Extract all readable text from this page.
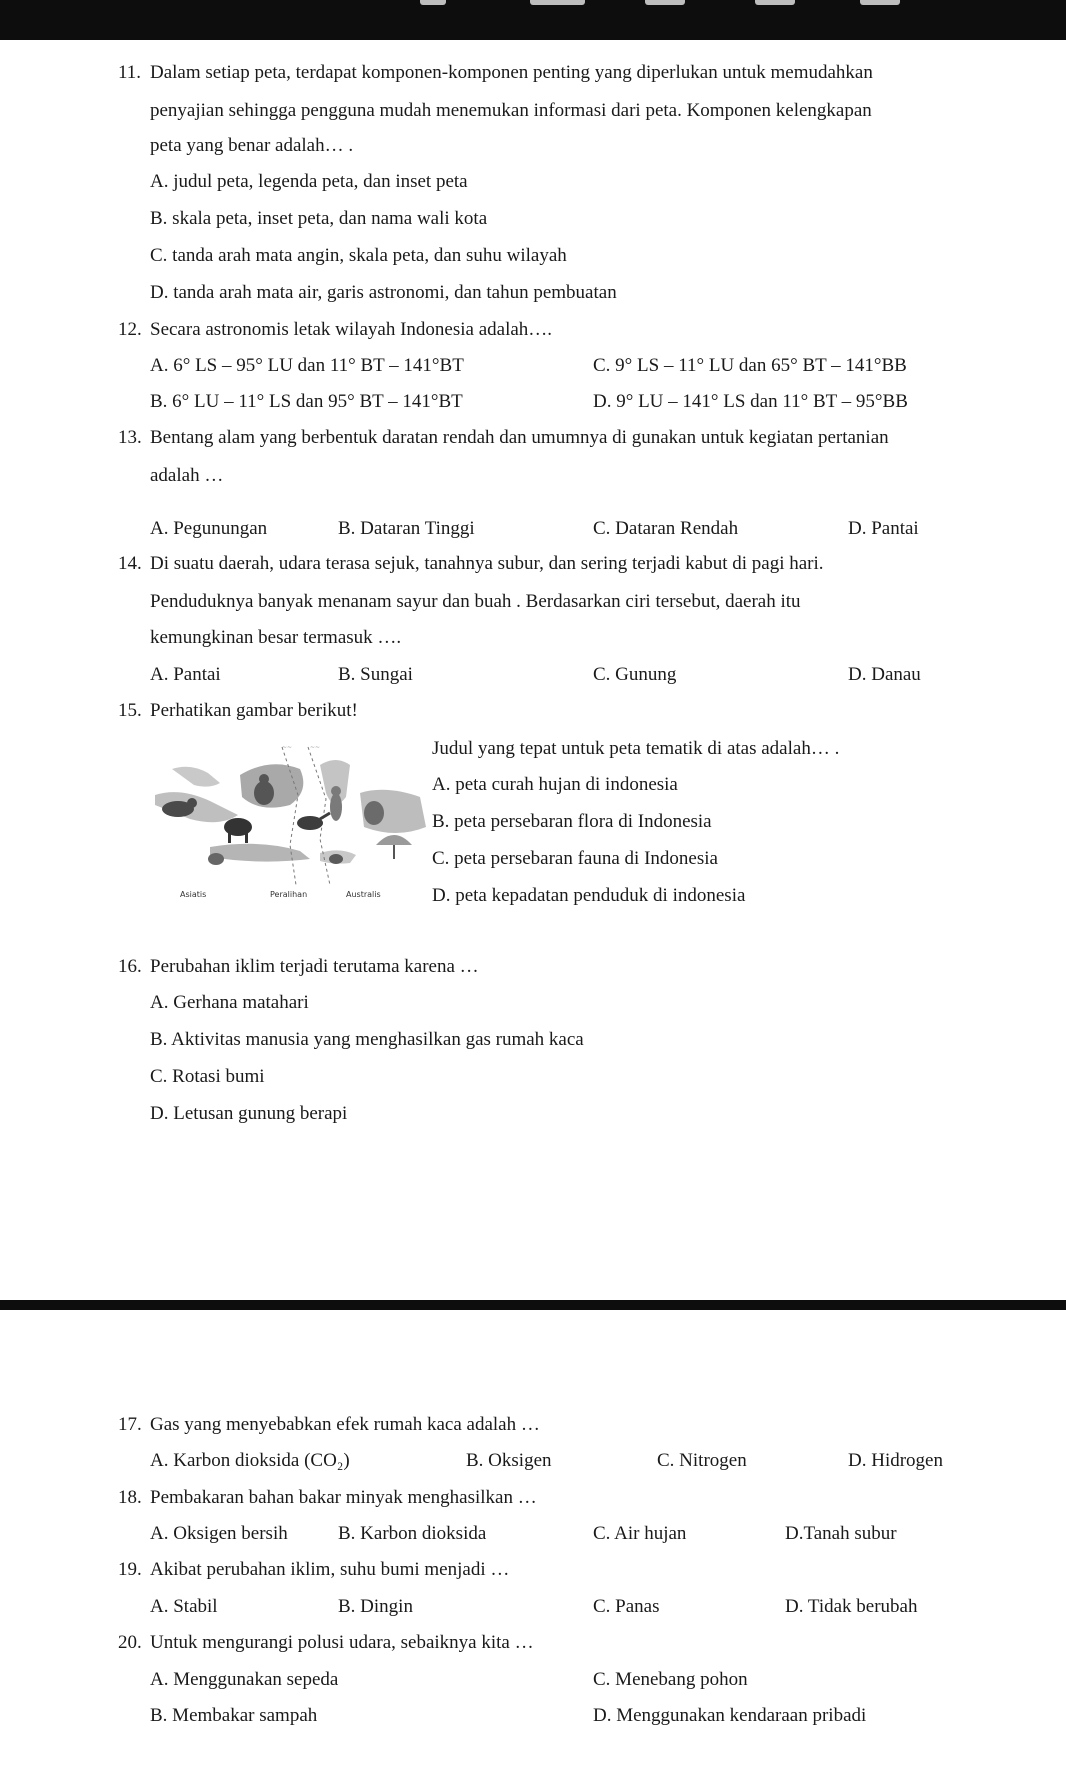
11. Dalam setiap peta, terdapat komponen-komponen penting yang diperlukan untuk memudahkan
penyajian sehingga pengguna mudah menemukan informasi dari peta. Komponen kelengkapan
peta yang benar adalah… .
A. judul peta, legenda peta, dan inset peta
B. skala peta, inset peta, dan nama wali kota
C. tanda arah mata angin, skala peta, dan suhu wilayah
D. tanda arah mata air, garis astronomi, dan tahun pembuatan
12. Secara astronomis letak wilayah Indonesia adalah….
A. 6° LS – 95° LU dan 11° BT – 141°BT	C. 9° LS – 11° LU dan 65° BT – 141°BB
B. 6° LU – 11° LS dan 95° BT – 141°BT	D. 9° LU – 141° LS dan 11° BT – 95°BB
13. Bentang alam yang berbentuk daratan rendah dan umumnya di gunakan untuk kegiatan pertanian
adalah …
A. Pegunungan	B. Dataran Tinggi	C. Dataran Rendah	D. Pantai
14. Di suatu daerah, udara terasa sejuk, tanahnya subur, dan sering terjadi kabut di pagi hari.
Penduduknya banyak menanam sayur dan buah . Berdasarkan ciri tersebut, daerah itu
kemungkinan besar termasuk ….
A. Pantai	B. Sungai	C. Gunung	D. Danau
15. Perhatikan gambar berikut!
~~	~~
Asiatis	Peralihan	Australis
Judul yang tepat untuk peta tematik di atas adalah… .
A. peta curah hujan di indonesia
B. peta persebaran flora di Indonesia
C. peta persebaran fauna di Indonesia
D. peta kepadatan penduduk di indonesia
16. Perubahan iklim terjadi terutama karena …
A. Gerhana matahari
B. Aktivitas manusia yang menghasilkan gas rumah kaca
C. Rotasi bumi
D. Letusan gunung berapi
17. Gas yang menyebabkan efek rumah kaca adalah …
A. Karbon dioksida (CO₂)	B. Oksigen	C. Nitrogen	D. Hidrogen
18. Pembakaran bahan bakar minyak menghasilkan …
A. Oksigen bersih	B. Karbon dioksida	C. Air hujan	D.Tanah subur
19. Akibat perubahan iklim, suhu bumi menjadi …
A. Stabil	B. Dingin	C. Panas	D. Tidak berubah
20. Untuk mengurangi polusi udara, sebaiknya kita …
A. Menggunakan sepeda	C. Menebang pohon
B. Membakar sampah	D. Menggunakan kendaraan pribadi
